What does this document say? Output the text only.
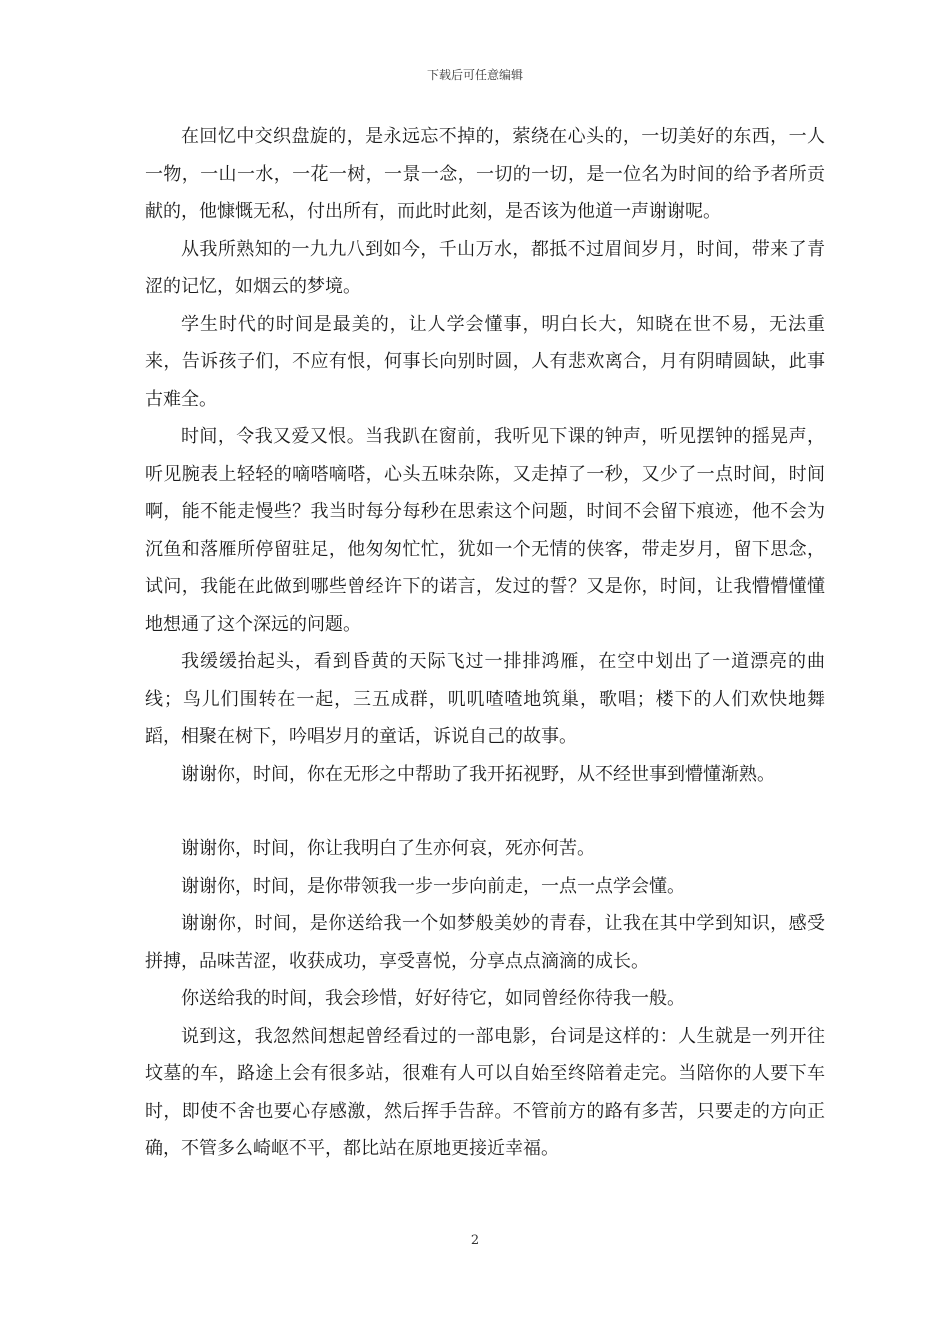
下载后可任意编辑

在回忆中交织盘旋的，是永远忘不掉的，萦绕在心头的，一切美好的东西，一人一物，一山一水，一花一树，一景一念，一切的一切，是一位名为时间的给予者所贡献的，他慷慨无私，付出所有，而此时此刻，是否该为他道一声谢谢呢。

从我所熟知的一九九八到如今，千山万水，都抵不过眉间岁月，时间，带来了青涩的记忆，如烟云的梦境。

学生时代的时间是最美的，让人学会懂事，明白长大，知晓在世不易，无法重来，告诉孩子们，不应有恨，何事长向别时圆，人有悲欢离合，月有阴晴圆缺，此事古难全。

时间，令我又爱又恨。当我趴在窗前，我听见下课的钟声，听见摆钟的摇晃声，听见腕表上轻轻的嘀嗒嘀嗒，心头五味杂陈，又走掉了一秒，又少了一点时间，时间啊，能不能走慢些？我当时每分每秒在思索这个问题，时间不会留下痕迹，他不会为沉鱼和落雁所停留驻足，他匆匆忙忙，犹如一个无情的侠客，带走岁月，留下思念，试问，我能在此做到哪些曾经许下的诺言，发过的誓？又是你，时间，让我懵懵懂懂地想通了这个深远的问题。

我缓缓抬起头，看到昏黄的天际飞过一排排鸿雁，在空中划出了一道漂亮的曲线；鸟儿们围转在一起，三五成群，叽叽喳喳地筑巢，歌唱；楼下的人们欢快地舞蹈，相聚在树下，吟唱岁月的童话，诉说自己的故事。

谢谢你，时间，你在无形之中帮助了我开拓视野，从不经世事到懵懂渐熟。

谢谢你，时间，你让我明白了生亦何哀，死亦何苦。

谢谢你，时间，是你带领我一步一步向前走，一点一点学会懂。

谢谢你，时间，是你送给我一个如梦般美妙的青春，让我在其中学到知识，感受拼搏，品味苦涩，收获成功，享受喜悦，分享点点滴滴的成长。

你送给我的时间，我会珍惜，好好待它，如同曾经你待我一般。

说到这，我忽然间想起曾经看过的一部电影，台词是这样的：人生就是一列开往坟墓的车，路途上会有很多站，很难有人可以自始至终陪着走完。当陪你的人要下车时，即使不舍也要心存感激，然后挥手告辞。不管前方的路有多苦，只要走的方向正确，不管多么崎岖不平，都比站在原地更接近幸福。

2
